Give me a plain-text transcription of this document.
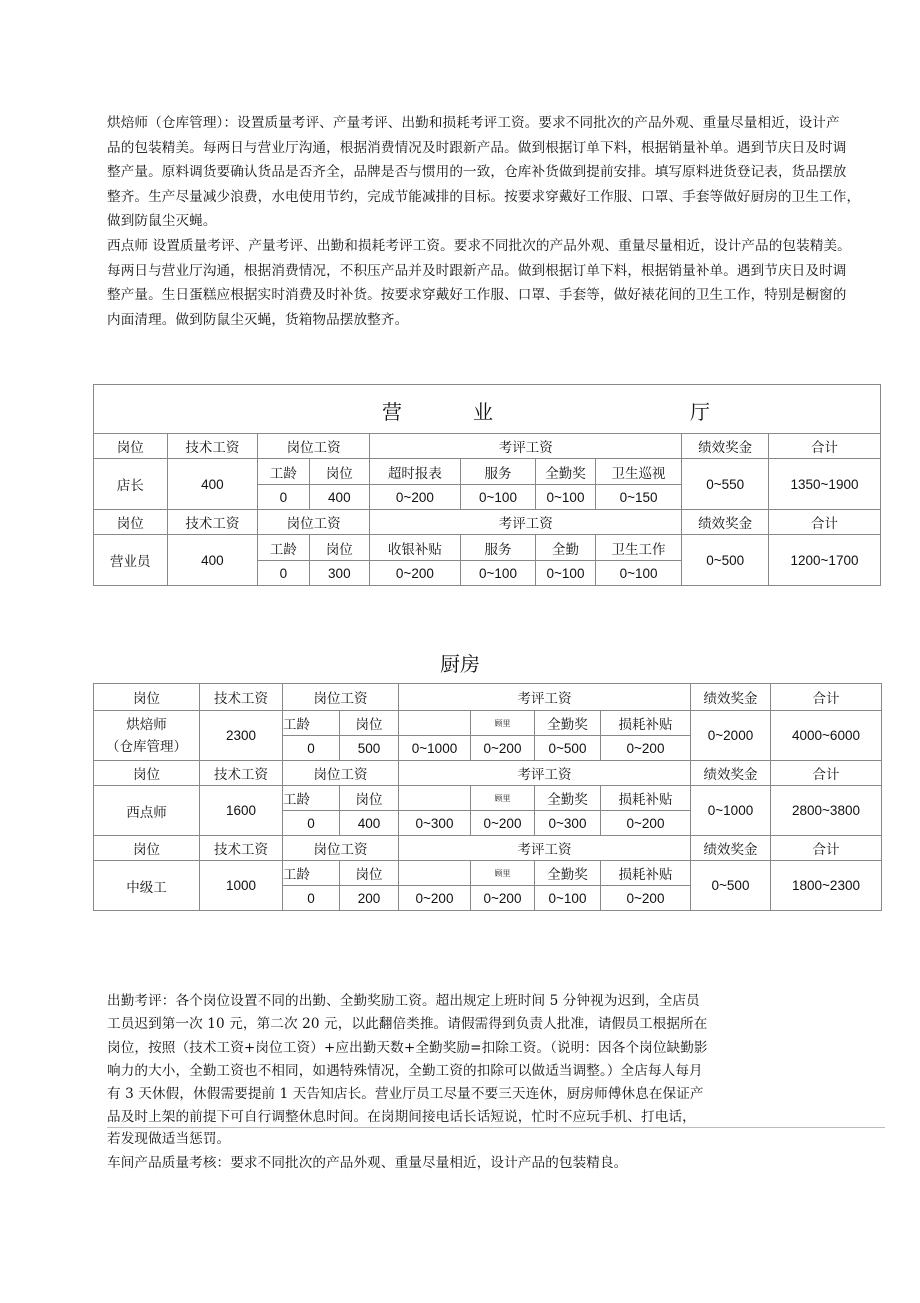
烘焙师（仓库管理）：设置质量考评、产量考评、出勤和损耗考评工资。要求不同批次的产品外观、重量尽量相近，设计产
品的包装精美。每两日与营业厅沟通，根据消费情况及时跟新产品。做到根据订单下料，根据销量补单。遇到节庆日及时调
整产量。原料调货要确认货品是否齐全，品牌是否与惯用的一致，仓库补货做到提前安排。填写原料进货登记表，货品摆放
整齐。生产尽量减少浪费，水电使用节约，完成节能减排的目标。按要求穿戴好工作服、口罩、手套等做好厨房的卫生工作，
做到防鼠尘灭蝇。
西点师 设置质量考评、产量考评、出勤和损耗考评工资。要求不同批次的产品外观、重量尽量相近，设计产品的包装精美。
每两日与营业厅沟通，根据消费情况，不积压产品并及时跟新产品。做到根据订单下料，根据销量补单。遇到节庆日及时调
整产量。生日蛋糕应根据实时消费及时补货。按要求穿戴好工作服、口罩、手套等，做好裱花间的卫生工作，特别是橱窗的
内面清理。做到防鼠尘灭蝇，货箱物品摆放整齐。
营 业 厅									

岗位	技术工资	岗位工资		考评工资				绩效奖金	合计
店长	400	工龄	岗位	超时报表	服务	全勤奖	卫生巡视	0~550	1350~1900
		0	400	0~200	0~100	0~100	0~150		
岗位	技术工资	岗位工资		考评工资				绩效奖金	合计
营业员	400	工龄	岗位	收银补贴	服务	全勤	卫生工作	0~500	1200~1700
		0	300	0~200	0~100	0~100	0~100		
厨房
岗位	技术工资	岗位工资		考评工资				绩效奖金	合计

烘焙师
（仓库管理）	2300	工龄	岗位		顾里	全勤奖	损耗补贴	0~2000	4000~6000
		0	500	0~1000	0~200	0~500	0~200		
岗位	技术工资	岗位工资		考评工资				绩效奖金	合计
西点师	1600	工龄	岗位		顾里	全勤奖	损耗补贴	0~1000	2800~3800
		0	400	0~300	0~200	0~300	0~200		
岗位	技术工资	岗位工资		考评工资				绩效奖金	合计
中级工	1000	工龄	岗位		顾里	全勤奖	损耗补贴	0~500	1800~2300
		0	200	0~200	0~200	0~100	0~200		
出勤考评：各个岗位设置不同的出勤、全勤奖励工资。超出规定上班时间 5 分钟视为迟到，全店员
工员迟到第一次 10 元，第二次 20 元，以此翻倍类推。请假需得到负责人批准，请假员工根据所在
岗位，按照（技术工资+岗位工资）+应出勤天数+全勤奖励=扣除工资。（说明：因各个岗位缺勤影
响力的大小，全勤工资也不相同，如遇特殊情况，全勤工资的扣除可以做适当调整。）全店每人每月
有 3 天休假，休假需要提前 1 天告知店长。营业厅员工尽量不要三天连休，厨房师傅休息在保证产
品及时上架的前提下可自行调整休息时间。在岗期间接电话长话短说，忙时不应玩手机、打电话，
若发现做适当惩罚。
车间产品质量考核：要求不同批次的产品外观、重量尽量相近，设计产品的包装精良。
